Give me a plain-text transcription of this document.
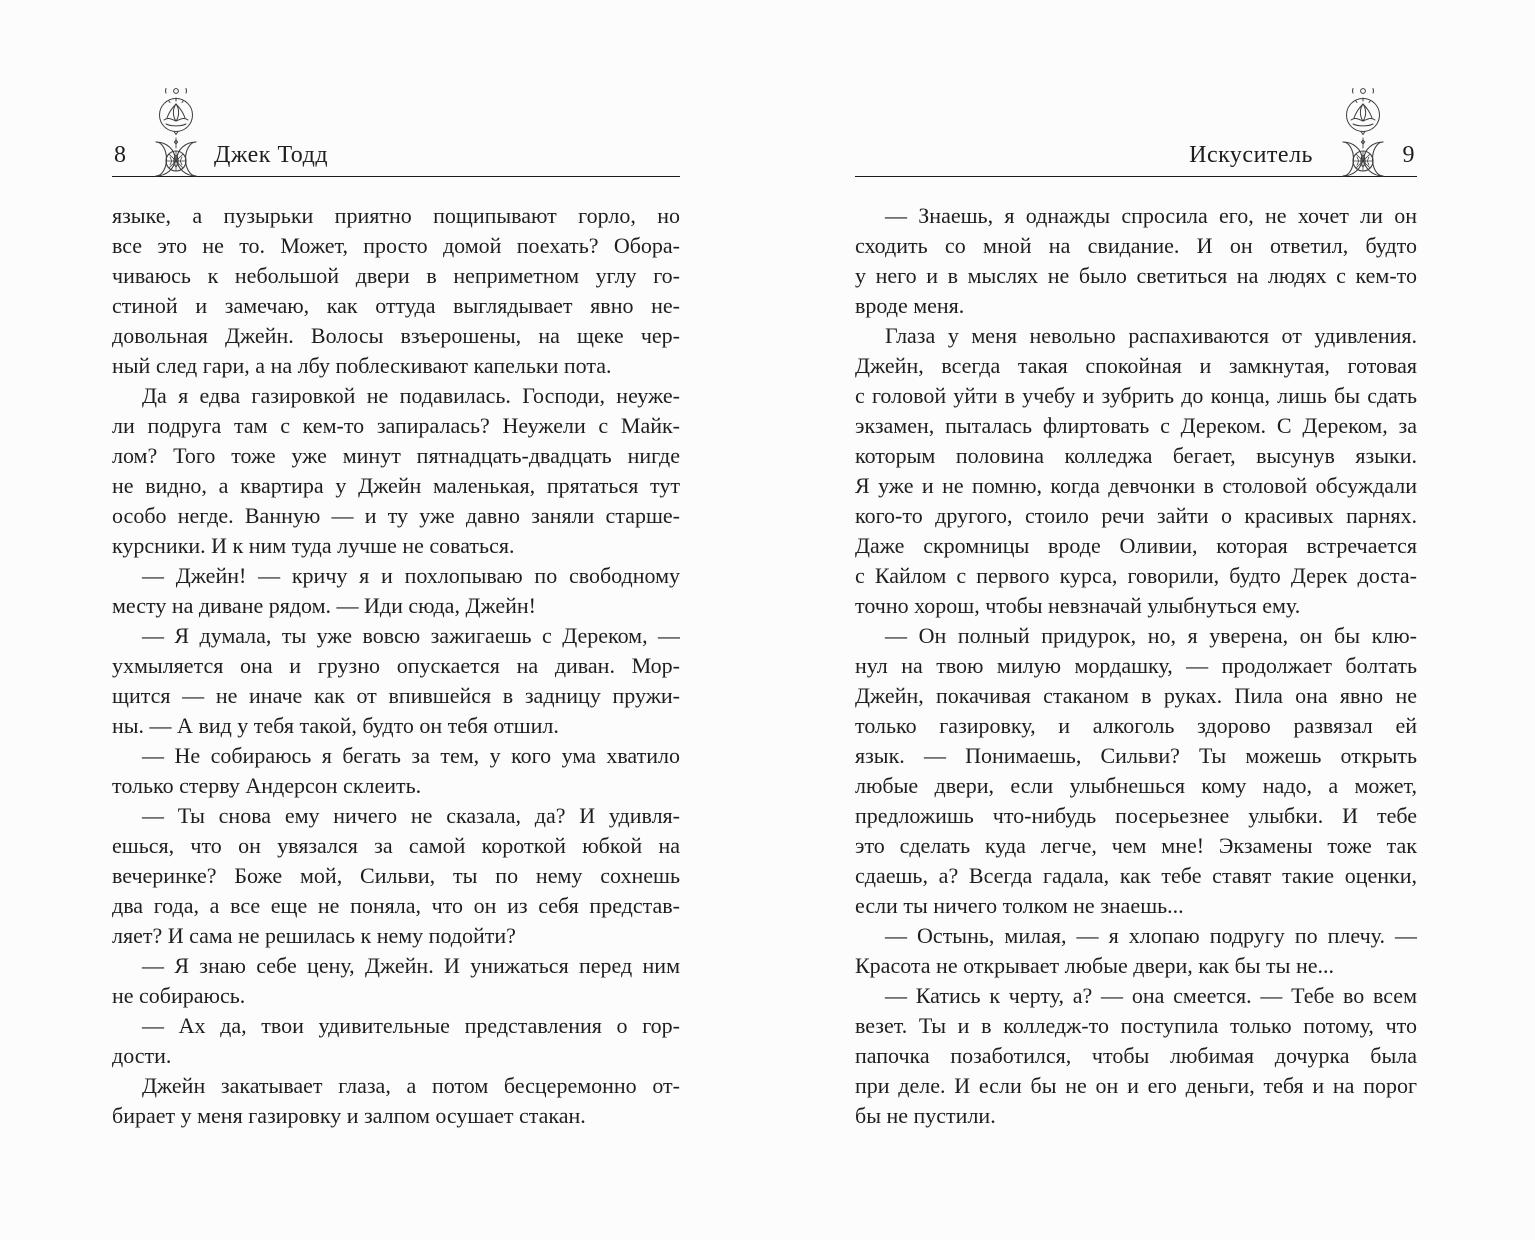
8	Джек Тодд

языке, а пузырьки приятно пощипывают горло, но
все это не то. Может, просто домой поехать? Обора-
чиваюсь к небольшой двери в неприметном углу го-
стиной и замечаю, как оттуда выглядывает явно не-
довольная Джейн. Волосы взъерошены, на щеке чер-
ный след гари, а на лбу поблескивают капельки пота.

Да я едва газировкой не подавилась. Господи, неуже-
ли подруга там с кем-то запиралась? Неужели с Майк-
лом? Того тоже уже минут пятнадцать-двадцать нигде
не видно, а квартира у Джейн маленькая, прятаться тут
особо негде. Ванную — и ту уже давно заняли старше-
курсники. И к ним туда лучше не соваться.

— Джейн! — кричу я и похлопываю по свободному
месту на диване рядом. — Иди сюда, Джейн!

— Я думала, ты уже вовсю зажигаешь с Дереком, —
ухмыляется она и грузно опускается на диван. Мор-
щится — не иначе как от впившейся в задницу пружи-
ны. — А вид у тебя такой, будто он тебя отшил.

— Не собираюсь я бегать за тем, у кого ума хватило
только стерву Андерсон склеить.

— Ты снова ему ничего не сказала, да? И удивля-
ешься, что он увязался за самой короткой юбкой на
вечеринке? Боже мой, Сильви, ты по нему сохнешь
два года, а все еще не поняла, что он из себя представ-
ляет? И сама не решилась к нему подойти?

— Я знаю себе цену, Джейн. И унижаться перед ним
не собираюсь.

— Ах да, твои удивительные представления о гор-
дости.

Джейн закатывает глаза, а потом бесцеремонно от-
бирает у меня газировку и залпом осушает стакан.

Искуситель	9

— Знаешь, я однажды спросила его, не хочет ли он
сходить со мной на свидание. И он ответил, будто
у него и в мыслях не было светиться на людях с кем-то
вроде меня.

Глаза у меня невольно распахиваются от удивления.
Джейн, всегда такая спокойная и замкнутая, готовая
с головой уйти в учебу и зубрить до конца, лишь бы сдать
экзамен, пыталась флиртовать с Дереком. С Дереком, за
которым половина колледжа бегает, высунув языки.
Я уже и не помню, когда девчонки в столовой обсуждали
кого-то другого, стоило речи зайти о красивых парнях.
Даже скромницы вроде Оливии, которая встречается
с Кайлом с первого курса, говорили, будто Дерек доста-
точно хорош, чтобы невзначай улыбнуться ему.

— Он полный придурок, но, я уверена, он бы клю-
нул на твою милую мордашку, — продолжает болтать
Джейн, покачивая стаканом в руках. Пила она явно не
только газировку, и алкоголь здорово развязал ей
язык. — Понимаешь, Сильви? Ты можешь открыть
любые двери, если улыбнешься кому надо, а может,
предложишь что-нибудь посерьезнее улыбки. И тебе
это сделать куда легче, чем мне! Экзамены тоже так
сдаешь, а? Всегда гадала, как тебе ставят такие оценки,
если ты ничего толком не знаешь...

— Остынь, милая, — я хлопаю подругу по плечу. —
Красота не открывает любые двери, как бы ты не...

— Катись к черту, а? — она смеется. — Тебе во всем
везет. Ты и в колледж-то поступила только потому, что
папочка позаботился, чтобы любимая дочурка была
при деле. И если бы не он и его деньги, тебя и на порог
бы не пустили.
